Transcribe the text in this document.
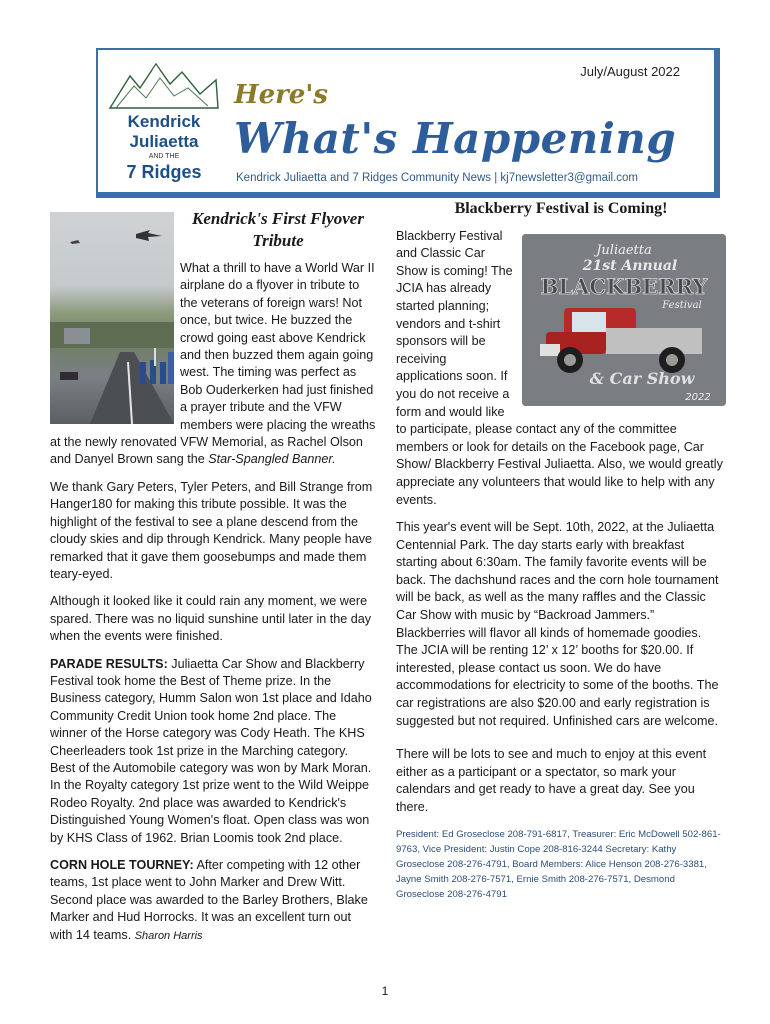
Kendrick
Juliaetta
AND THE
7 Ridges
July/August 2022
Here's
What's Happening
Kendrick Juliaetta and 7 Ridges Community News | kj7newsletter3@gmail.com
Kendrick's First Flyover Tribute

What a thrill to have a World War II airplane do a flyover in tribute to the veterans of foreign wars! Not once, but twice. He buzzed the crowd going east above Kendrick and then buzzed them again going west. The timing was perfect as Bob Ouderkerken had just finished a prayer tribute and the VFW members were placing the wreaths at the newly renovated VFW Memorial, as Rachel Olson and Danyel Brown sang the Star-Spangled Banner.

We thank Gary Peters, Tyler Peters, and Bill Strange from Hanger180 for making this tribute possible. It was the highlight of the festival to see a plane descend from the cloudy skies and dip through Kendrick. Many people have remarked that it gave them goosebumps and made them teary-eyed.

Although it looked like it could rain any moment, we were spared. There was no liquid sunshine until later in the day when the events were finished.

PARADE RESULTS: Juliaetta Car Show and Blackberry Festival took home the Best of Theme prize. In the Business category, Humm Salon won 1st place and Idaho Community Credit Union took home 2nd place. The winner of the Horse category was Cody Heath. The KHS Cheerleaders took 1st prize in the Marching category. Best of the Automobile category was won by Mark Moran. In the Royalty category 1st prize went to the Wild Weippe Rodeo Royalty. 2nd place was awarded to Kendrick's Distinguished Young Women's float. Open class was won by KHS Class of 1962. Brian Loomis took 2nd place.

CORN HOLE TOURNEY: After competing with 12 other teams, 1st place went to John Marker and Drew Witt. Second place was awarded to the Barley Brothers, Blake Marker and Hud Horrocks. It was an excellent turn out with 14 teams. Sharon Harris

Blackberry Festival is Coming!
Juliaetta
21st Annual
BLACKBERRY
Festival
& Car Show
2022

Blackberry Festival and Classic Car Show is coming! The JCIA has already started planning; vendors and t-shirt sponsors will be receiving applications soon. If you do not receive a form and would like to participate, please contact any of the committee members or look for details on the Facebook page, Car Show/ Blackberry Festival Juliaetta. Also, we would greatly appreciate any volunteers that would like to help with any events.

This year's event will be Sept. 10th, 2022, at the Juliaetta Centennial Park. The day starts early with breakfast starting about 6:30am. The family favorite events will be back. The dachshund races and the corn hole tournament will be back, as well as the many raffles and the Classic Car Show with music by “Backroad Jammers.” Blackberries will flavor all kinds of homemade goodies. The JCIA will be renting 12’ x 12’ booths for $20.00. If interested, please contact us soon. We do have accommodations for electricity to some of the booths. The car registrations are also $20.00 and early registration is suggested but not required. Unfinished cars are welcome.

There will be lots to see and much to enjoy at this event either as a participant or a spectator, so mark your calendars and get ready to have a great day. See you there.

President: Ed Groseclose 208-791-6817, Treasurer: Eric McDowell 502-861-9763, Vice President: Justin Cope 208-816-3244 Secretary: Kathy Groseclose 208-276-4791, Board Members: Alice Henson 208-276-3381, Jayne Smith 208-276-7571, Ernie Smith 208-276-7571, Desmond Groseclose 208-276-4791
1
